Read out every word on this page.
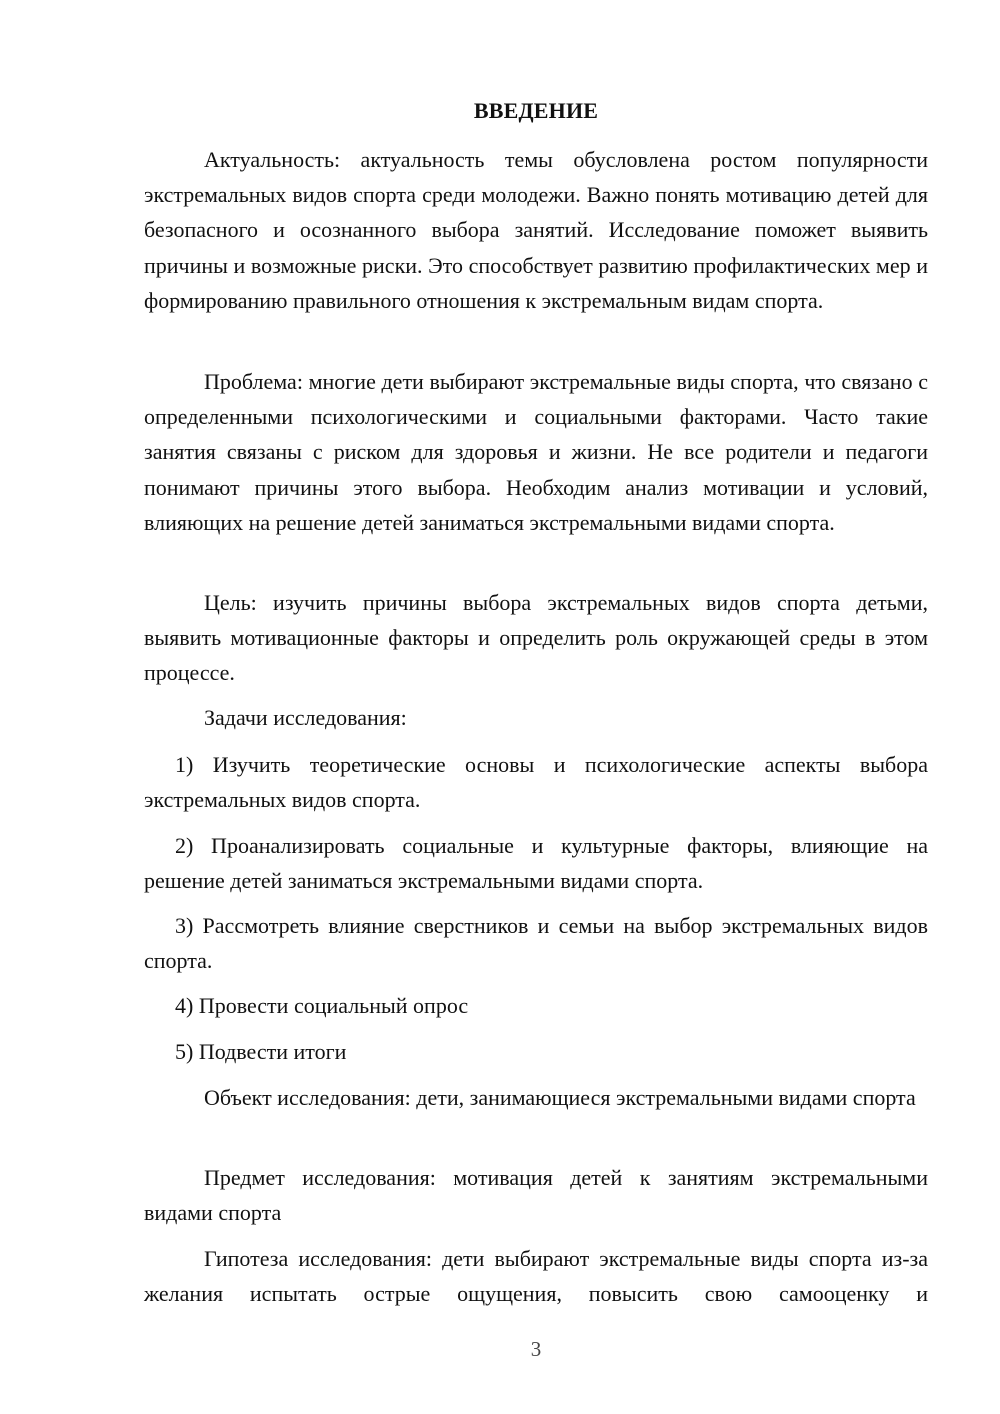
ВВЕДЕНИЕ

Актуальность: актуальность темы обусловлена ростом популярности экстремальных видов спорта среди молодежи. Важно понять мотивацию детей для безопасного и осознанного выбора занятий. Исследование поможет выявить причины и возможные риски. Это способствует развитию профилактических мер и формированию правильного отношения к экстремальным видам спорта.

Проблема: многие дети выбирают экстремальные виды спорта, что связано с определенными психологическими и социальными факторами. Часто такие занятия связаны с риском для здоровья и жизни. Не все родители и педагоги понимают причины этого выбора. Необходим анализ мотивации и условий, влияющих на решение детей заниматься экстремальными видами спорта.

Цель: изучить причины выбора экстремальных видов спорта детьми, выявить мотивационные факторы и определить роль окружающей среды в этом процессе.

Задачи исследования:

1) Изучить теоретические основы и психологические аспекты выбора экстремальных видов спорта.

2) Проанализировать социальные и культурные факторы, влияющие на решение детей заниматься экстремальными видами спорта.

3) Рассмотреть влияние сверстников и семьи на выбор экстремальных видов спорта.

4) Провести социальный опрос

5) Подвести итоги

Объект исследования: дети, занимающиеся экстремальными видами спорта

Предмет исследования: мотивация детей к занятиям экстремальными видами спорта

Гипотеза исследования: дети выбирают экстремальные виды спорта из-за желания испытать острые ощущения, повысить свою самооценку и

3
